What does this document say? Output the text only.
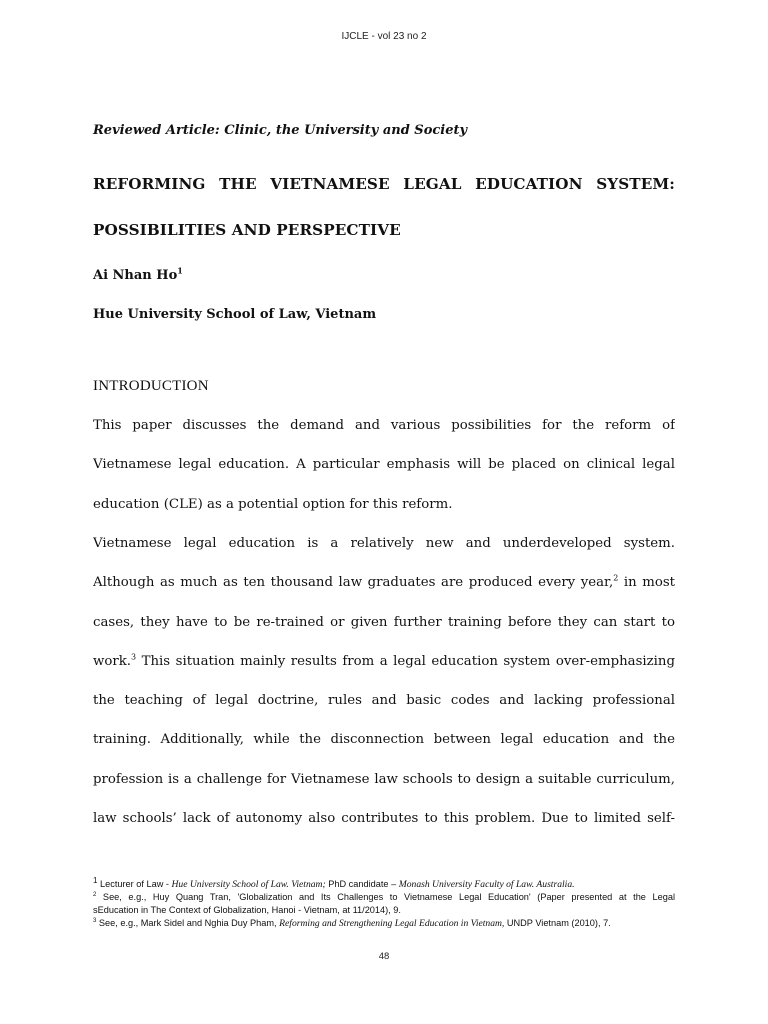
IJCLE - vol 23 no 2
Reviewed Article: Clinic, the University and Society
REFORMING THE VIETNAMESE LEGAL EDUCATION SYSTEM:
POSSIBILITIES AND PERSPECTIVE
Ai Nhan Ho$^1$
Hue University School of Law, Vietnam
INTRODUCTION
This paper discusses the demand and various possibilities for the reform of
Vietnamese legal education. A particular emphasis will be placed on clinical legal
education (CLE) as a potential option for this reform.
Vietnamese legal education is a relatively new and underdeveloped system.
Although as much as ten thousand law graduates are produced every year,$^2$ in most
cases, they have to be re-trained or given further training before they can start to
work.$^3$ This situation mainly results from a legal education system over-emphasizing
the teaching of legal doctrine, rules and basic codes and lacking professional
training. Additionally, while the disconnection between legal education and the
profession is a challenge for Vietnamese law schools to design a suitable curriculum,
law schools’ lack of autonomy also contributes to this problem. Due to limited self-
$^1$ Lecturer of Law - Hue University School of Law. Vietnam; PhD candidate – Monash University Faculty of Law. Australia.
$^2$ See, e.g., Huy Quang Tran, 'Globalization and Its Challenges to Vietnamese Legal Education' (Paper presented at the Legal
sEducation in The Context of Globalization, Hanoi - Vietnam, at 11/2014), 9.
$^3$ See, e.g., Mark Sidel and Nghia Duy Pham, Reforming and Strengthening Legal Education in Vietnam, UNDP Vietnam (2010), 7.
48
